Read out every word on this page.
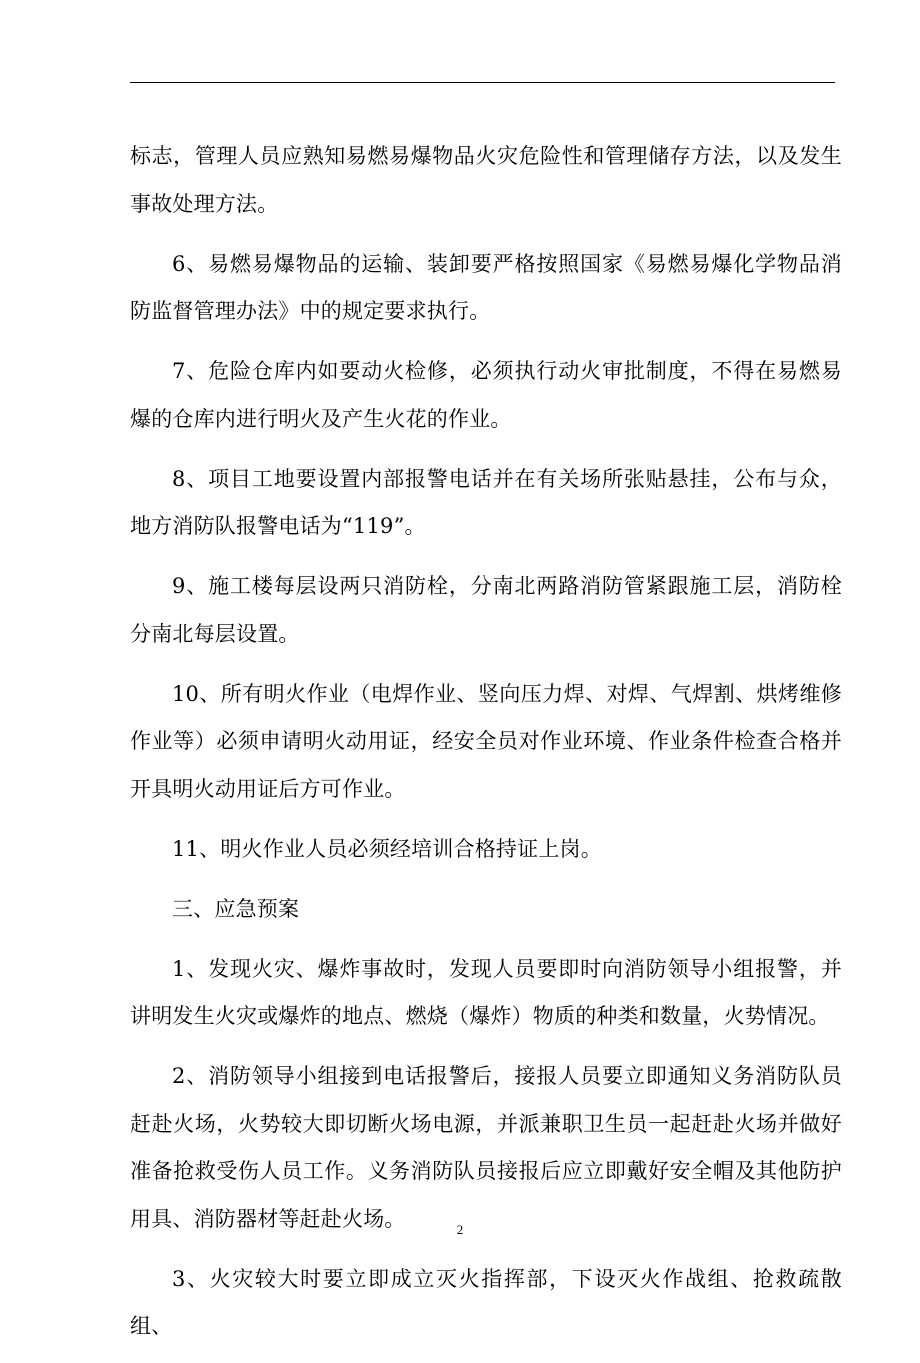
标志，管理人员应熟知易燃易爆物品火灾危险性和管理储存方法，以及发生事故处理方法。

6、易燃易爆物品的运输、装卸要严格按照国家《易燃易爆化学物品消防监督管理办法》中的规定要求执行。

7、危险仓库内如要动火检修，必须执行动火审批制度，不得在易燃易爆的仓库内进行明火及产生火花的作业。

8、项目工地要设置内部报警电话并在有关场所张贴悬挂，公布与众，地方消防队报警电话为“119”。

9、施工楼每层设两只消防栓，分南北两路消防管紧跟施工层，消防栓分南北每层设置。

10、所有明火作业（电焊作业、竖向压力焊、对焊、气焊割、烘烤维修作业等）必须申请明火动用证，经安全员对作业环境、作业条件检查合格并开具明火动用证后方可作业。

11、明火作业人员必须经培训合格持证上岗。

三、应急预案

1、发现火灾、爆炸事故时，发现人员要即时向消防领导小组报警，并讲明发生火灾或爆炸的地点、燃烧（爆炸）物质的种类和数量，火势情况。

2、消防领导小组接到电话报警后，接报人员要立即通知义务消防队员赶赴火场，火势较大即切断火场电源，并派兼职卫生员一起赶赴火场并做好准备抢救受伤人员工作。义务消防队员接报后应立即戴好安全帽及其他防护用具、消防器材等赶赴火场。

3、火灾较大时要立即成立灭火指挥部，下设灭火作战组、抢救疏散组、

2
